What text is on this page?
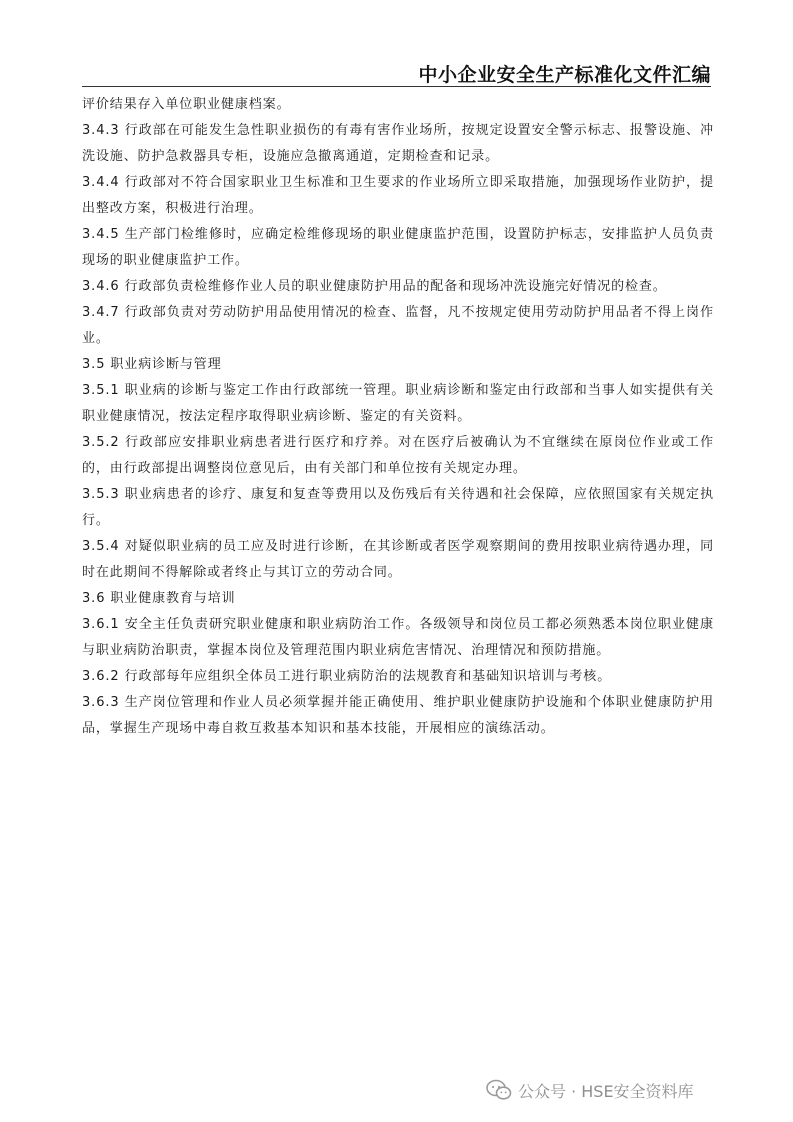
中小企业安全生产标准化文件汇编

评价结果存入单位职业健康档案。

3.4.3 行政部在可能发生急性职业损伤的有毒有害作业场所，按规定设置安全警示标志、报警设施、冲洗设施、防护急救器具专柜，设施应急撤离通道，定期检查和记录。

3.4.4 行政部对不符合国家职业卫生标准和卫生要求的作业场所立即采取措施，加强现场作业防护，提出整改方案，积极进行治理。

3.4.5 生产部门检维修时，应确定检维修现场的职业健康监护范围，设置防护标志，安排监护人员负责现场的职业健康监护工作。

3.4.6 行政部负责检维修作业人员的职业健康防护用品的配备和现场冲洗设施完好情况的检查。

3.4.7 行政部负责对劳动防护用品使用情况的检查、监督，凡不按规定使用劳动防护用品者不得上岗作业。

3.5 职业病诊断与管理

3.5.1 职业病的诊断与鉴定工作由行政部统一管理。职业病诊断和鉴定由行政部和当事人如实提供有关职业健康情况，按法定程序取得职业病诊断、鉴定的有关资料。

3.5.2 行政部应安排职业病患者进行医疗和疗养。对在医疗后被确认为不宜继续在原岗位作业或工作的，由行政部提出调整岗位意见后，由有关部门和单位按有关规定办理。

3.5.3 职业病患者的诊疗、康复和复查等费用以及伤残后有关待遇和社会保障，应依照国家有关规定执行。

3.5.4 对疑似职业病的员工应及时进行诊断，在其诊断或者医学观察期间的费用按职业病待遇办理，同时在此期间不得解除或者终止与其订立的劳动合同。

3.6 职业健康教育与培训

3.6.1 安全主任负责研究职业健康和职业病防治工作。各级领导和岗位员工都必须熟悉本岗位职业健康与职业病防治职责，掌握本岗位及管理范围内职业病危害情况、治理情况和预防措施。

3.6.2 行政部每年应组织全体员工进行职业病防治的法规教育和基础知识培训与考核。

3.6.3 生产岗位管理和作业人员必须掌握并能正确使用、维护职业健康防护设施和个体职业健康防护用品，掌握生产现场中毒自救互救基本知识和基本技能，开展相应的演练活动。

公众号 · HSE安全资料库
